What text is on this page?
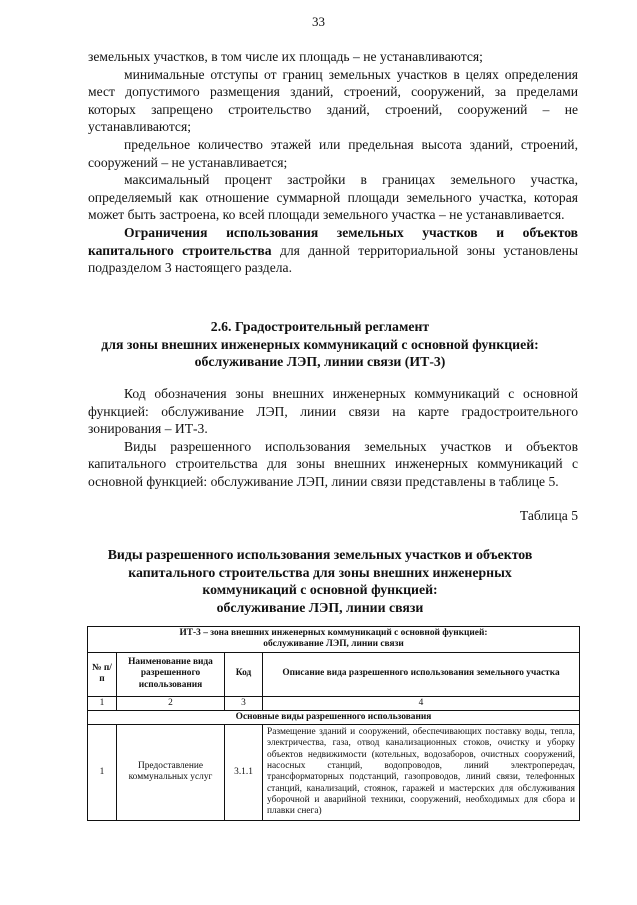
33

земельных участков, в том числе их площадь – не устанавливаются;

минимальные отступы от границ земельных участков в целях определения мест допустимого размещения зданий, строений, сооружений, за пределами которых запрещено строительство зданий, строений, сооружений – не устанавливаются;

предельное количество этажей или предельная высота зданий, строений, сооружений – не устанавливается;

максимальный процент застройки в границах земельного участка, определяемый как отношение суммарной площади земельного участка, которая может быть застроена, ко всей площади земельного участка – не устанавливается.

Ограничения использования земельных участков и объектов капитального строительства для данной территориальной зоны установлены подразделом 3 настоящего раздела.

2.6. Градостроительный регламент
для зоны внешних инженерных коммуникаций с основной функцией:
обслуживание ЛЭП, линии связи (ИТ-3)

Код обозначения зоны внешних инженерных коммуникаций с основной функцией: обслуживание ЛЭП, линии связи на карте градостроительного зонирования – ИТ-3.

Виды разрешенного использования земельных участков и объектов капитального строительства для зоны внешних инженерных коммуникаций с основной функцией: обслуживание ЛЭП, линии связи представлены в таблице 5.

Таблица 5
Виды разрешенного использования земельных участков и объектов
капитального строительства для зоны внешних инженерных
коммуникаций с основной функцией:
обслуживание ЛЭП, линии связи
ИТ-3 – зона внешних инженерных коммуникаций с основной функцией:
обслуживание ЛЭП, линии связи			

№ п/п	Наименование вида разрешенного использования	Код	Описание вида разрешенного использования земельного участка
1	2	3	4
Основные виды разрешенного использования			
1	Предоставление коммунальных услуг	3.1.1	Размещение зданий и сооружений, обеспечивающих поставку воды, тепла, электричества, газа, отвод канализационных стоков, очистку и уборку объектов недвижимости (котельных, водозаборов, очистных сооружений, насосных станций, водопроводов, линий электропередач, трансформаторных подстанций, газопроводов, линий связи, телефонных станций, канализаций, стоянок, гаражей и мастерских для обслуживания уборочной и аварийной техники, сооружений, необходимых для сбора и плавки снега)
